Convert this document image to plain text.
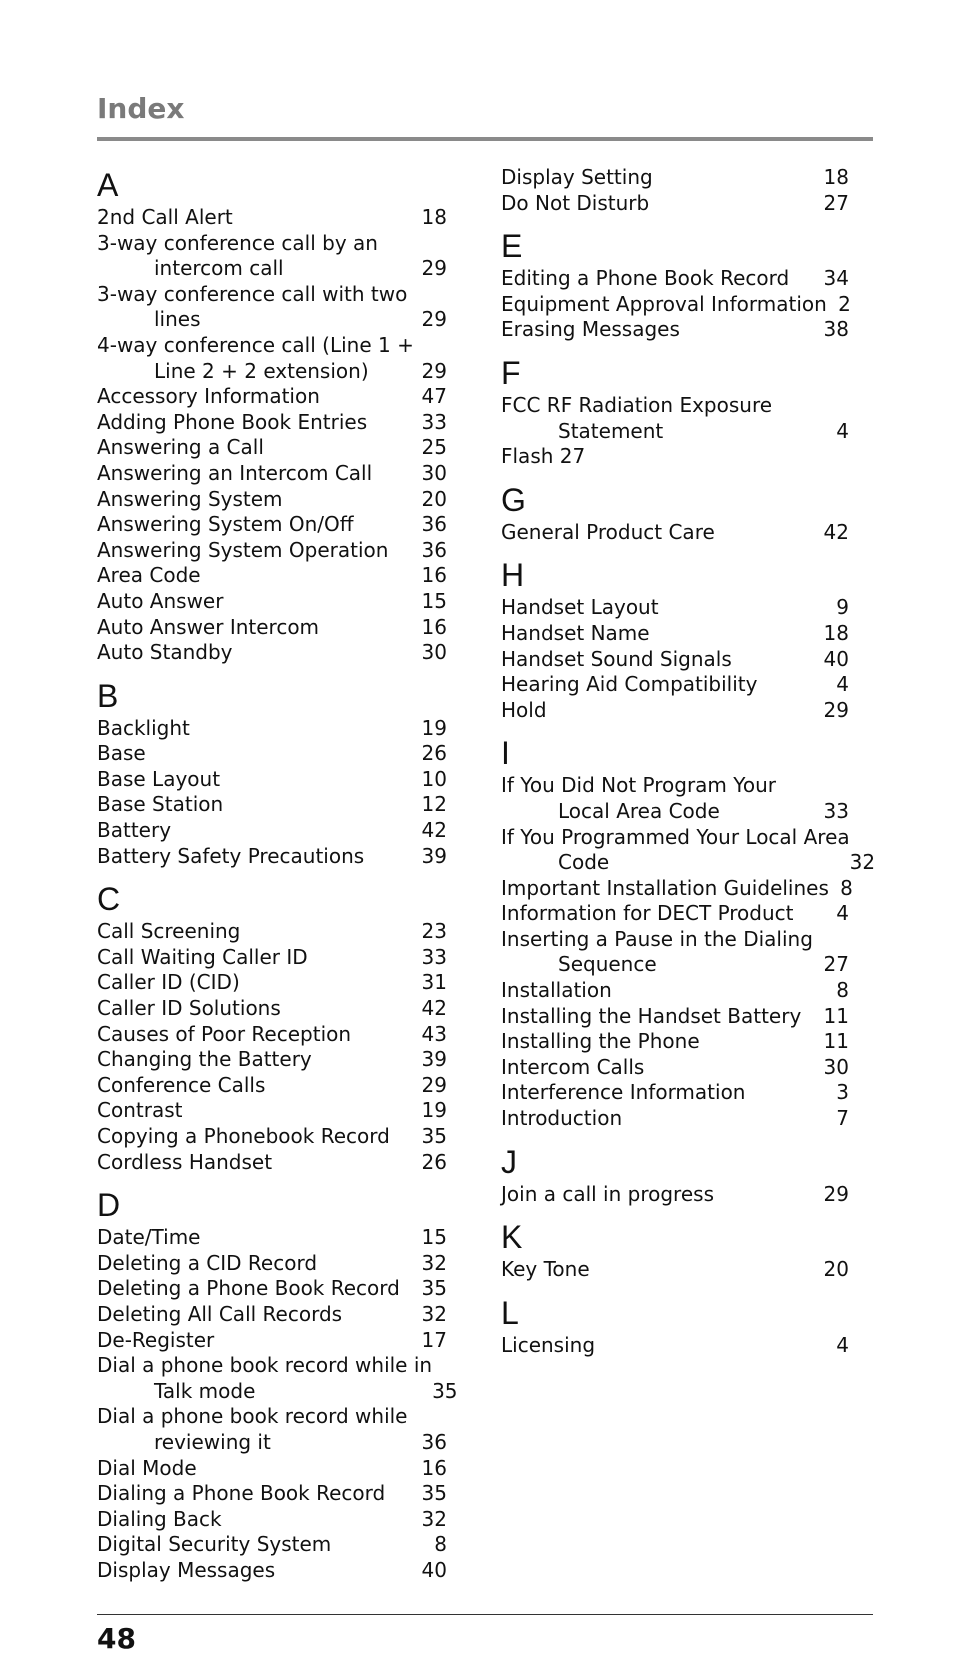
Index
A
2nd Call Alert	18
3-way conference call by an
intercom call	29
3-way conference call with two
lines	29
4-way conference call (Line 1 +
Line 2 + 2 extension)	29
Accessory Information	47
Adding Phone Book Entries	33
Answering a Call	25
Answering an Intercom Call 30
Answering System	20
Answering System On/Off	36
Answering System Operation 36
Area Code	16
Auto Answer	15
Auto Answer Intercom	16
Auto Standby	30
B
Backlight	19
Base	26
Base Layout	10
Base Station	12
Battery	42
Battery Safety Precautions	39
C
Call Screening	23
Call Waiting Caller ID	33
Caller ID (CID)	31
Caller ID Solutions	42
Causes of Poor Reception	43
Changing the Battery	39
Conference Calls	29
Contrast	19
Copying a Phonebook Record 35
Cordless Handset	26
D
Date/Time	15
Deleting a CID Record	32
Deleting a Phone Book Record 35
Deleting All Call Records	32
De-Register	17
Dial a phone book record while in
Talk mode	35
Dial a phone book record while
reviewing it	36
Dial Mode	16
Dialing a Phone Book Record 35
Dialing Back	32
Digital Security System	8
Display Messages	40
Display Setting	18
Do Not Disturb	27
E
Editing a Phone Book Record 34
Equipment Approval Information 2
Erasing Messages	38
F
FCC RF Radiation Exposure
Statement	4
Flash 27
G
General Product Care	42
H
Handset Layout	9
Handset Name	18
Handset Sound Signals	40
Hearing Aid Compatibility	4
Hold	29
I
If You Did Not Program Your
Local Area Code	33
If You Programmed Your Local Area
Code	32
Important Installation Guidelines 8
Information for DECT Product	4
Inserting a Pause in the Dialing
Sequence	27
Installation	8
Installing the Handset Battery 11
Installing the Phone	11
Intercom Calls	30
Interference Information	3
Introduction	7
J
Join a call in progress	29
K
Key Tone	20
L
Licensing	4
48
